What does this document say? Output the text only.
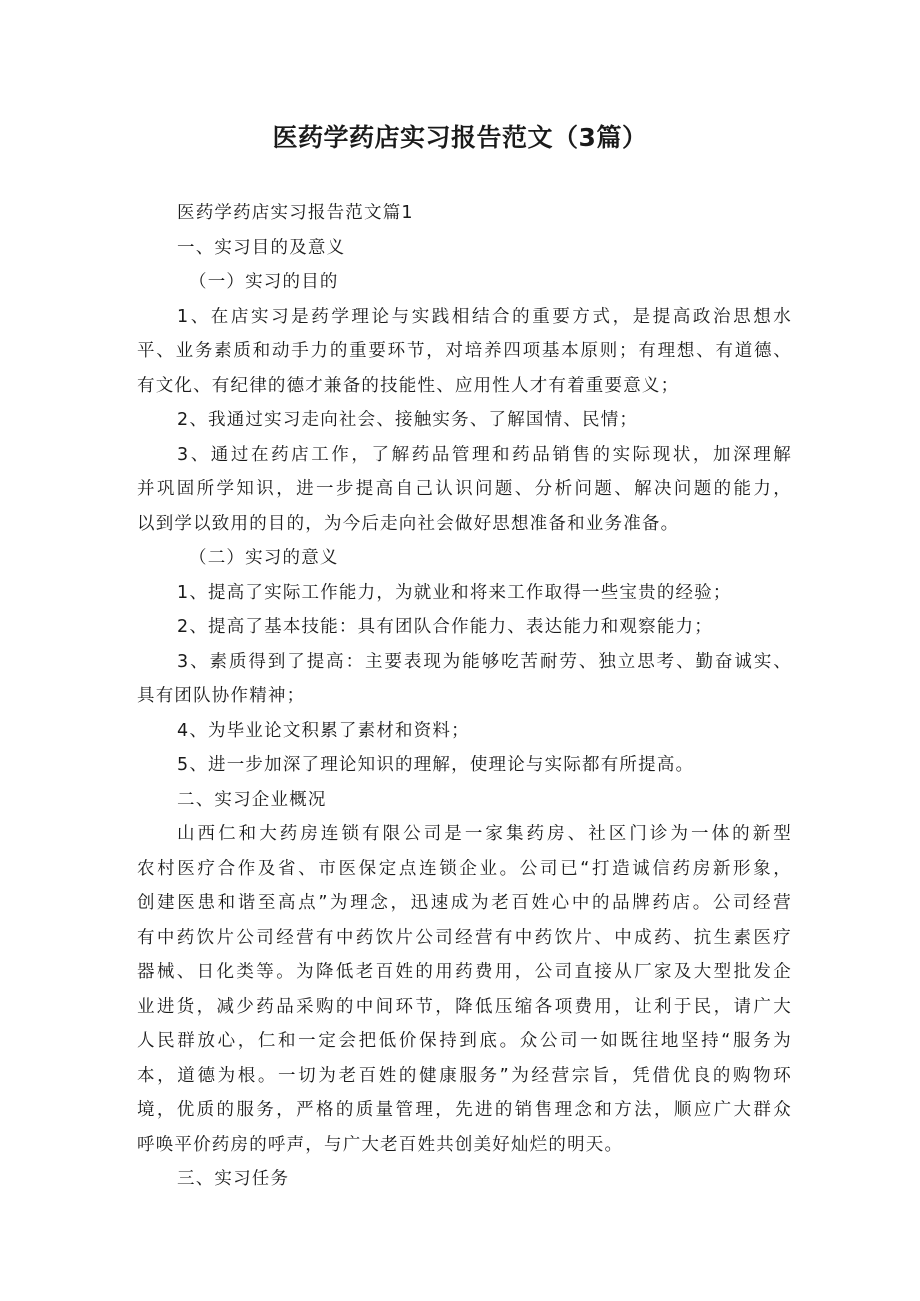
医药学药店实习报告范文（3篇）
医药学药店实习报告范文篇1
一、实习目的及意义
（一）实习的目的
1、在店实习是药学理论与实践相结合的重要方式，是提高政治思想水
平、业务素质和动手力的重要环节，对培养四项基本原则；有理想、有道德、
有文化、有纪律的德才兼备的技能性、应用性人才有着重要意义；
2、我通过实习走向社会、接触实务、了解国情、民情；
3、通过在药店工作，了解药品管理和药品销售的实际现状，加深理解
并巩固所学知识，进一步提高自己认识问题、分析问题、解决问题的能力，
以到学以致用的目的，为今后走向社会做好思想准备和业务准备。
（二）实习的意义
1、提高了实际工作能力，为就业和将来工作取得一些宝贵的经验；
2、提高了基本技能：具有团队合作能力、表达能力和观察能力；
3、素质得到了提高：主要表现为能够吃苦耐劳、独立思考、勤奋诚实、
具有团队协作精神；
4、为毕业论文积累了素材和资料；
5、进一步加深了理论知识的理解，使理论与实际都有所提高。
二、实习企业概况
山西仁和大药房连锁有限公司是一家集药房、社区门诊为一体的新型
农村医疗合作及省、市医保定点连锁企业。公司已“打造诚信药房新形象，
创建医患和谐至高点”为理念，迅速成为老百姓心中的品牌药店。公司经营
有中药饮片公司经营有中药饮片公司经营有中药饮片、中成药、抗生素医疗
器械、日化类等。为降低老百姓的用药费用，公司直接从厂家及大型批发企
业进货，减少药品采购的中间环节，降低压缩各项费用，让利于民，请广大
人民群放心，仁和一定会把低价保持到底。众公司一如既往地坚持“服务为
本，道德为根。一切为老百姓的健康服务”为经营宗旨，凭借优良的购物环
境，优质的服务，严格的质量管理，先进的销售理念和方法，顺应广大群众
呼唤平价药房的呼声，与广大老百姓共创美好灿烂的明天。
三、实习任务
